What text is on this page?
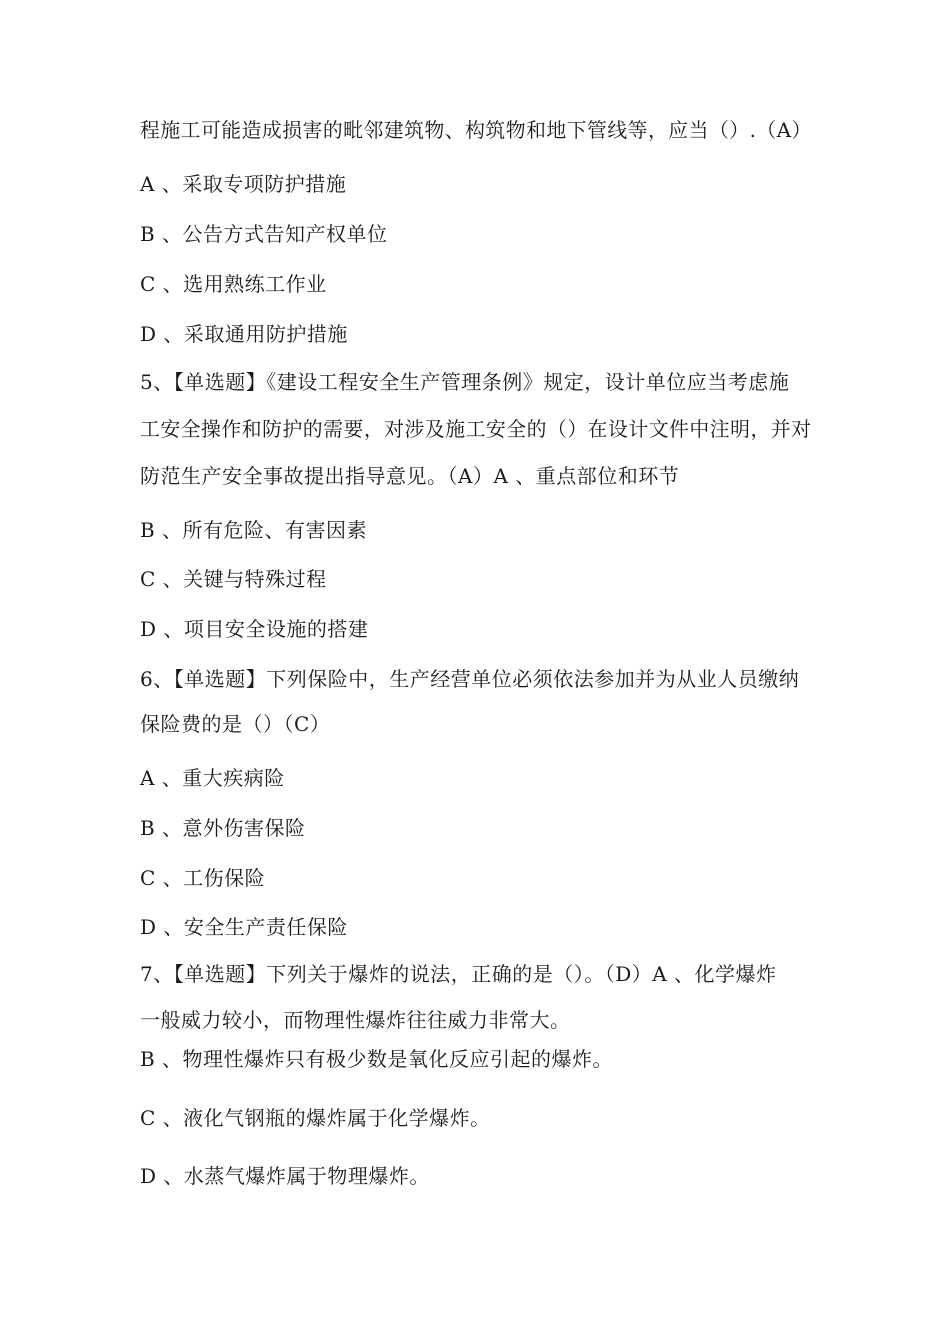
程施工可能造成损害的毗邻建筑物、构筑物和地下管线等，应当（）.（A）
A 、采取专项防护措施
B 、公告方式告知产权单位
C 、选用熟练工作业
D 、采取通用防护措施
5、【单选题】《建设工程安全生产管理条例》规定，设计单位应当考虑施
工安全操作和防护的需要，对涉及施工安全的（）在设计文件中注明，并对
防范生产安全事故提出指导意见。（A）A 、重点部位和环节
B 、所有危险、有害因素
C 、关键与特殊过程
D 、项目安全设施的搭建
6、【单选题】下列保险中，生产经营单位必须依法参加并为从业人员缴纳
保险费的是（）（C）
A 、重大疾病险
B 、意外伤害保险
C 、工伤保险
D 、安全生产责任保险
7、【单选题】下列关于爆炸的说法，正确的是（）。（D）A 、化学爆炸
一般威力较小，而物理性爆炸往往威力非常大。
B 、物理性爆炸只有极少数是氧化反应引起的爆炸。
C 、液化气钢瓶的爆炸属于化学爆炸。
D 、水蒸气爆炸属于物理爆炸。
